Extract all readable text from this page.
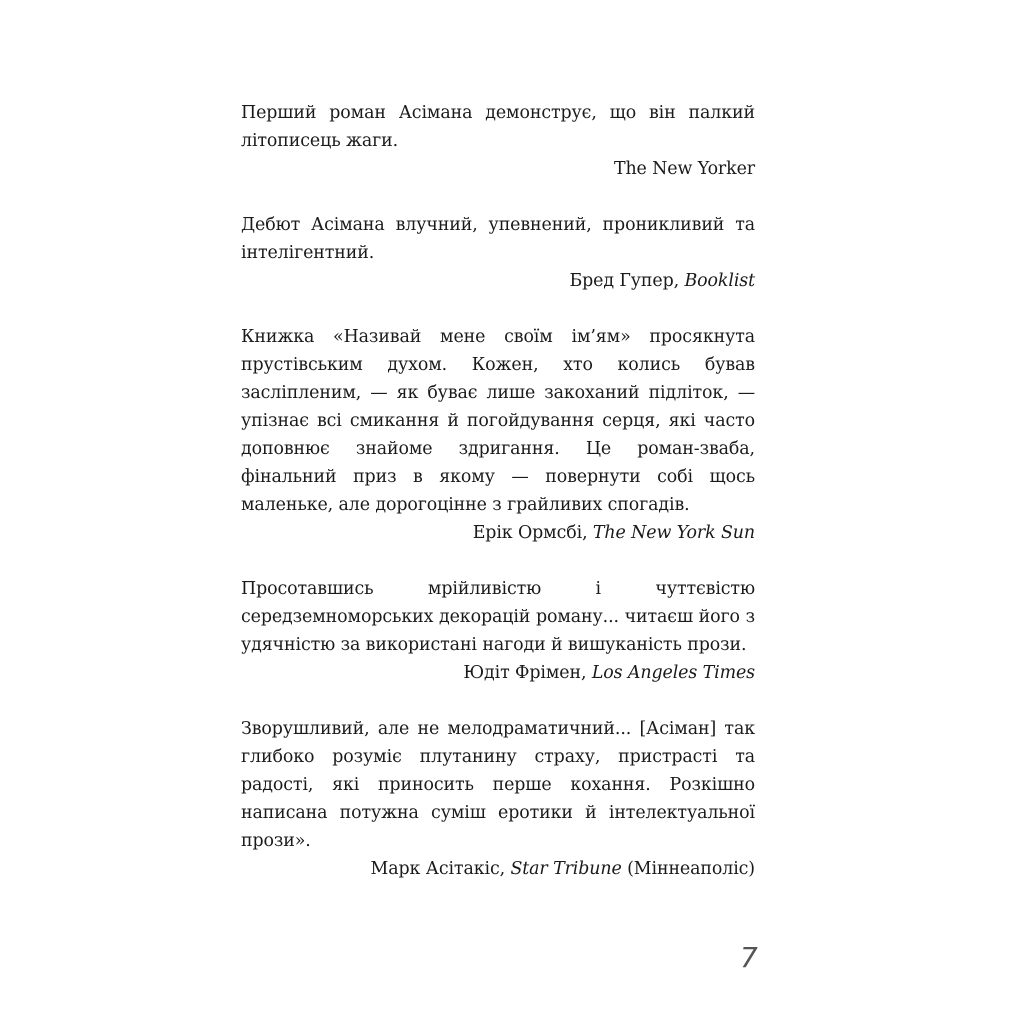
Перший роман Асімана демонструє, що він палкий літописець жаги.

The New Yorker

Дебют Асімана влучний, упевнений, проникливий та інтелігентний.

Бред Гупер, Booklist

Книжка «Називай мене своїм ім’ям» просякнута прустівським духом. Кожен, хто колись бував засліпленим, — як буває лише закоханий підліток, — упізнає всі смикання й погойдування серця, які часто доповнює знайоме здригання. Це роман-зваба, фінальний приз в якому — повернути собі щось маленьке, але дорогоцінне з грайливих спогадів.

Ерік Ормсбі, The New York Sun

Просотавшись мрійливістю і чуттєвістю середземноморських декорацій роману... читаєш його з удячністю за використані нагоди й вишуканість прози.

Юдіт Фрімен, Los Angeles Times

Зворушливий, але не мелодраматичний... [Асіман] так глибоко розуміє плутанину страху, пристрасті та радості, які приносить перше кохання. Розкішно написана потужна суміш еротики й інтелектуальної прози».

Марк Асітакіс, Star Tribune (Міннеаполіс)

7
